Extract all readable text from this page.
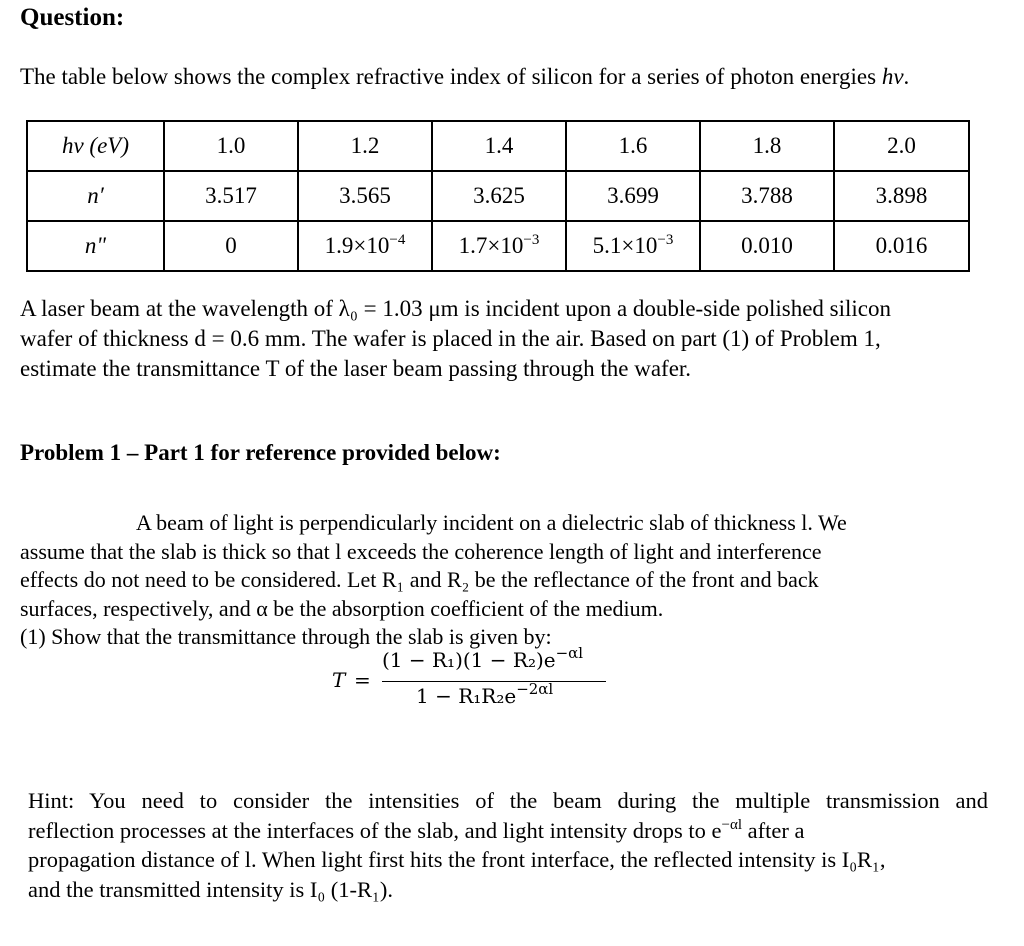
Question:
The table below shows the complex refractive index of silicon for a series of photon energies hν.
hν (eV)	1.0	1.2	1.4	1.6	1.8	2.0
n′	3.517	3.565	3.625	3.699	3.788	3.898
n"	0	$1.9\times 10^{-4}$	$1.7\times 10^{-3}$	$5.1\times 10^{-3}$	0.010	0.016
A laser beam at the wavelength of λ₀ = 1.03 μm is incident upon a double-side polished silicon
wafer of thickness d = 0.6 mm. The wafer is placed in the air. Based on part (1) of Problem 1,
estimate the transmittance T of the laser beam passing through the wafer.
Problem 1 – Part 1 for reference provided below:
A beam of light is perpendicularly incident on a dielectric slab of thickness l. We
assume that the slab is thick so that l exceeds the coherence length of light and interference
effects do not need to be considered. Let R₁ and R₂ be the reflectance of the front and back
surfaces, respectively, and α be the absorption coefficient of the medium.
(1) Show that the transmittance through the slab is given by:
T =
$(1 - R_1)(1 - R_2)e^{-\alpha l}$
$1 - R_1R_2e^{-2\alpha l}$
Hint: You need to consider the intensities of the beam during the multiple transmission and
reflection processes at the interfaces of the slab, and light intensity drops to $e^{-\alpha l}$ after a
propagation distance of l. When light first hits the front interface, the reflected intensity is I₀R₁,
and the transmitted intensity is I₀ (1-R₁).
